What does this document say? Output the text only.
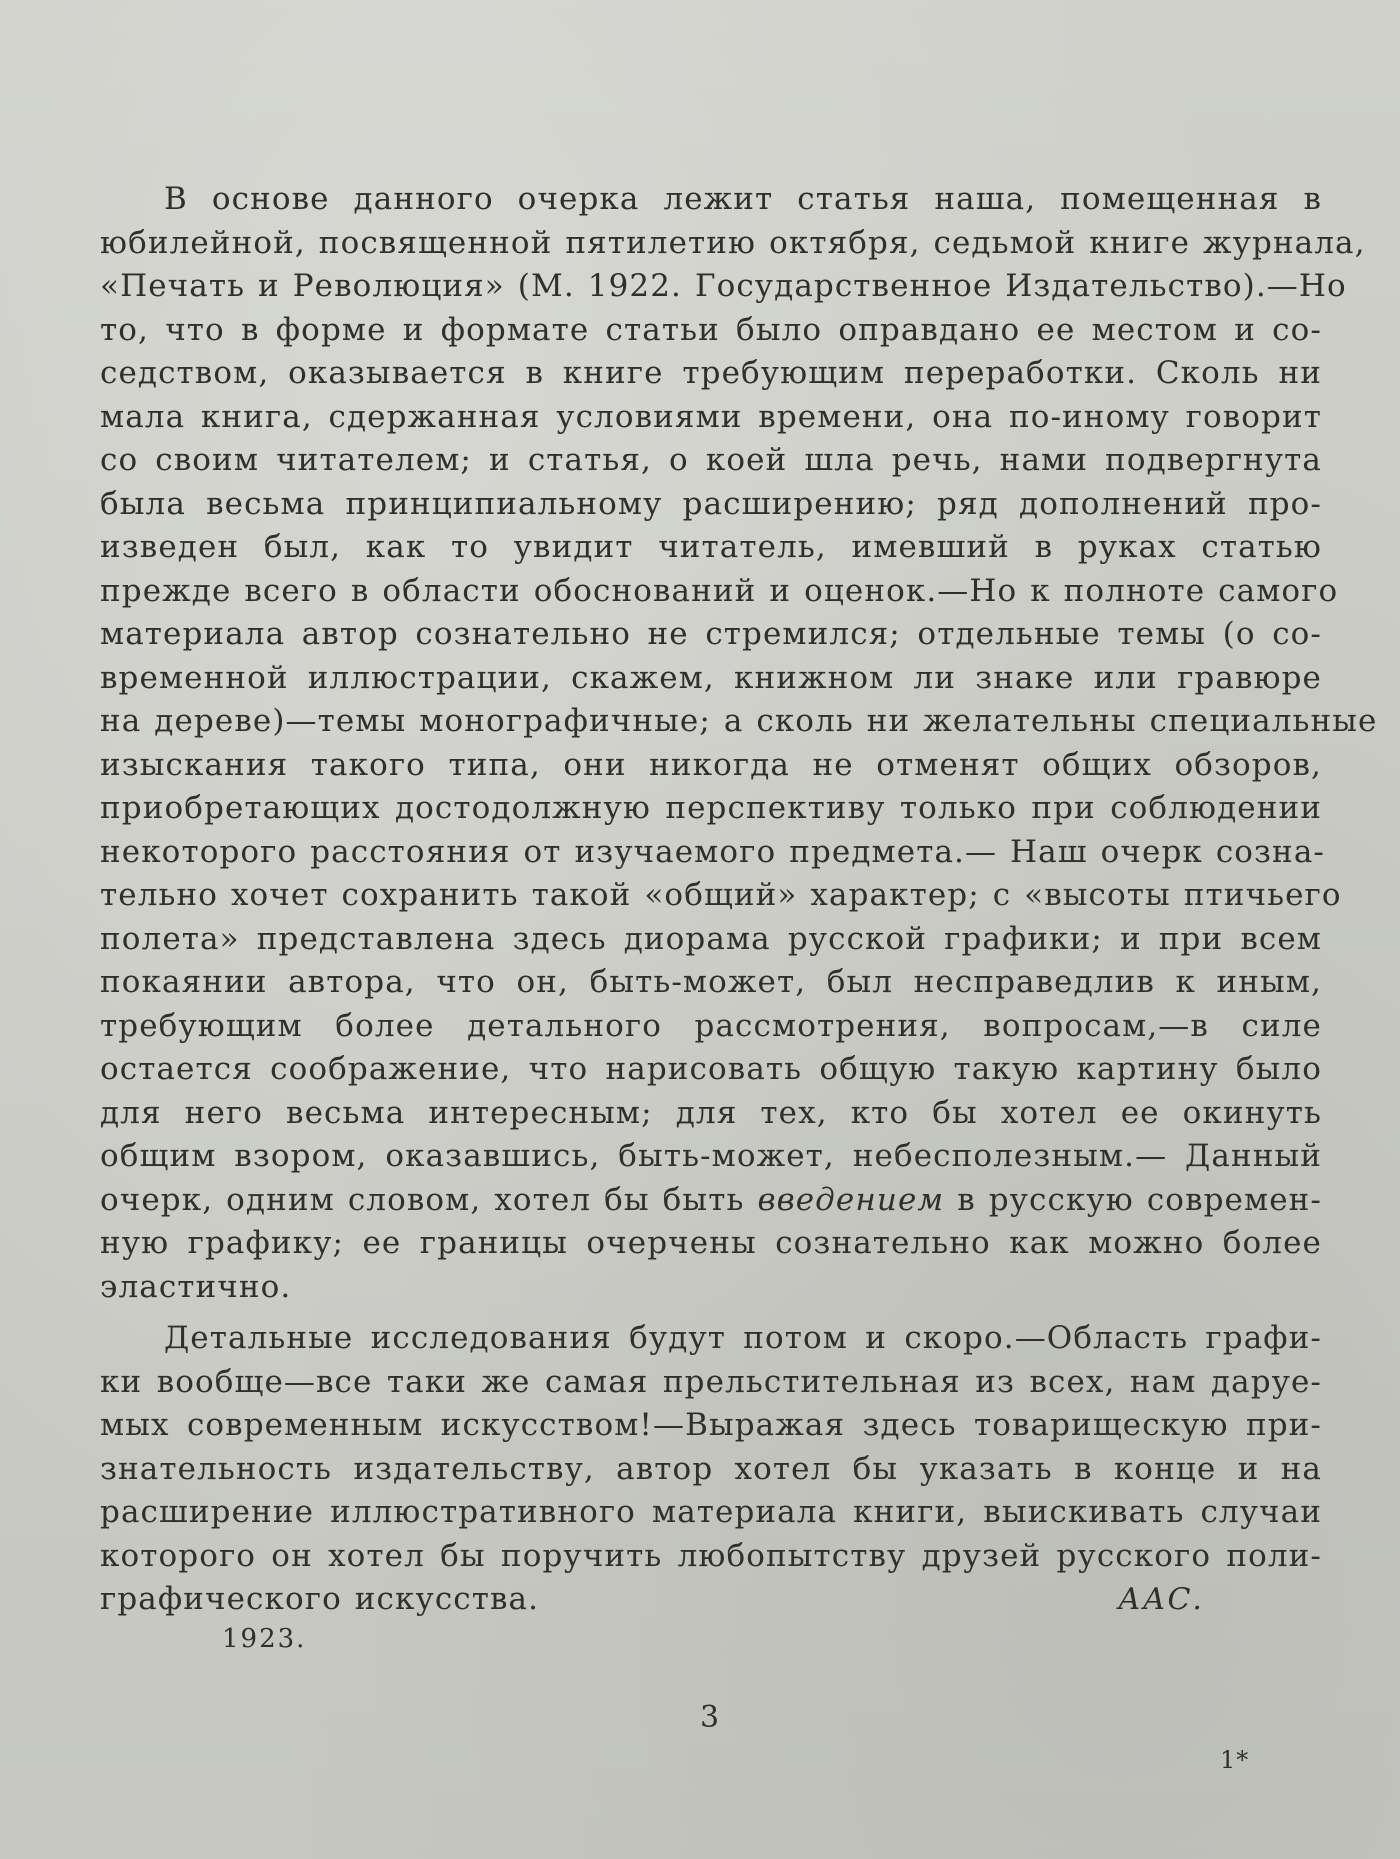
В основе данного очерка лежит статья наша, помещенная в
юбилейной, посвященной пятилетию октября, седьмой книге журнала,
«Печать и Революция» (М. 1922. Государственное Издательство).—Но
то, что в форме и формате статьи было оправдано ее местом и со-
седством, оказывается в книге требующим переработки. Сколь ни
мала книга, сдержанная условиями времени, она по-иному говорит
со своим читателем; и статья, о коей шла речь, нами подвергнута
была весьма принципиальному расширению; ряд дополнений про-
изведен был, как то увидит читатель, имевший в руках статью
прежде всего в области обоснований и оценок.—Но к полноте самого
материала автор сознательно не стремился; отдельные темы (о со-
временной иллюстрации, скажем, книжном ли знаке или гравюре
на дереве)—темы монографичные; а сколь ни желательны специальные
изыскания такого типа, они никогда не отменят общих обзоров,
приобретающих достодолжную перспективу только при соблюдении
некоторого расстояния от изучаемого предмета.— Наш очерк созна-
тельно хочет сохранить такой «общий» характер; с «высоты птичьего
полета» представлена здесь диорама русской графики; и при всем
покаянии автора, что он, быть-может, был несправедлив к иным,
требующим более детального рассмотрения, вопросам,—в силе
остается соображение, что нарисовать общую такую картину было
для него весьма интересным; для тех, кто бы хотел ее окинуть
общим взором, оказавшись, быть-может, небесполезным.— Данный
очерк, одним словом, хотел бы быть введением в русскую современ-
ную графику; ее границы очерчены сознательно как можно более
эластично.
Детальные исследования будут потом и скоро.—Область графи-
ки вообще—все таки же самая прельстительная из всех, нам даруе-
мых современным искусством!—Выражая здесь товарищескую при-
знательность издательству, автор хотел бы указать в конце и на
расширение иллюстративного материала книги, выискивать случаи
которого он хотел бы поручить любопытству друзей русского поли-
графического искусства.	ААС.
1923.
3
1*
